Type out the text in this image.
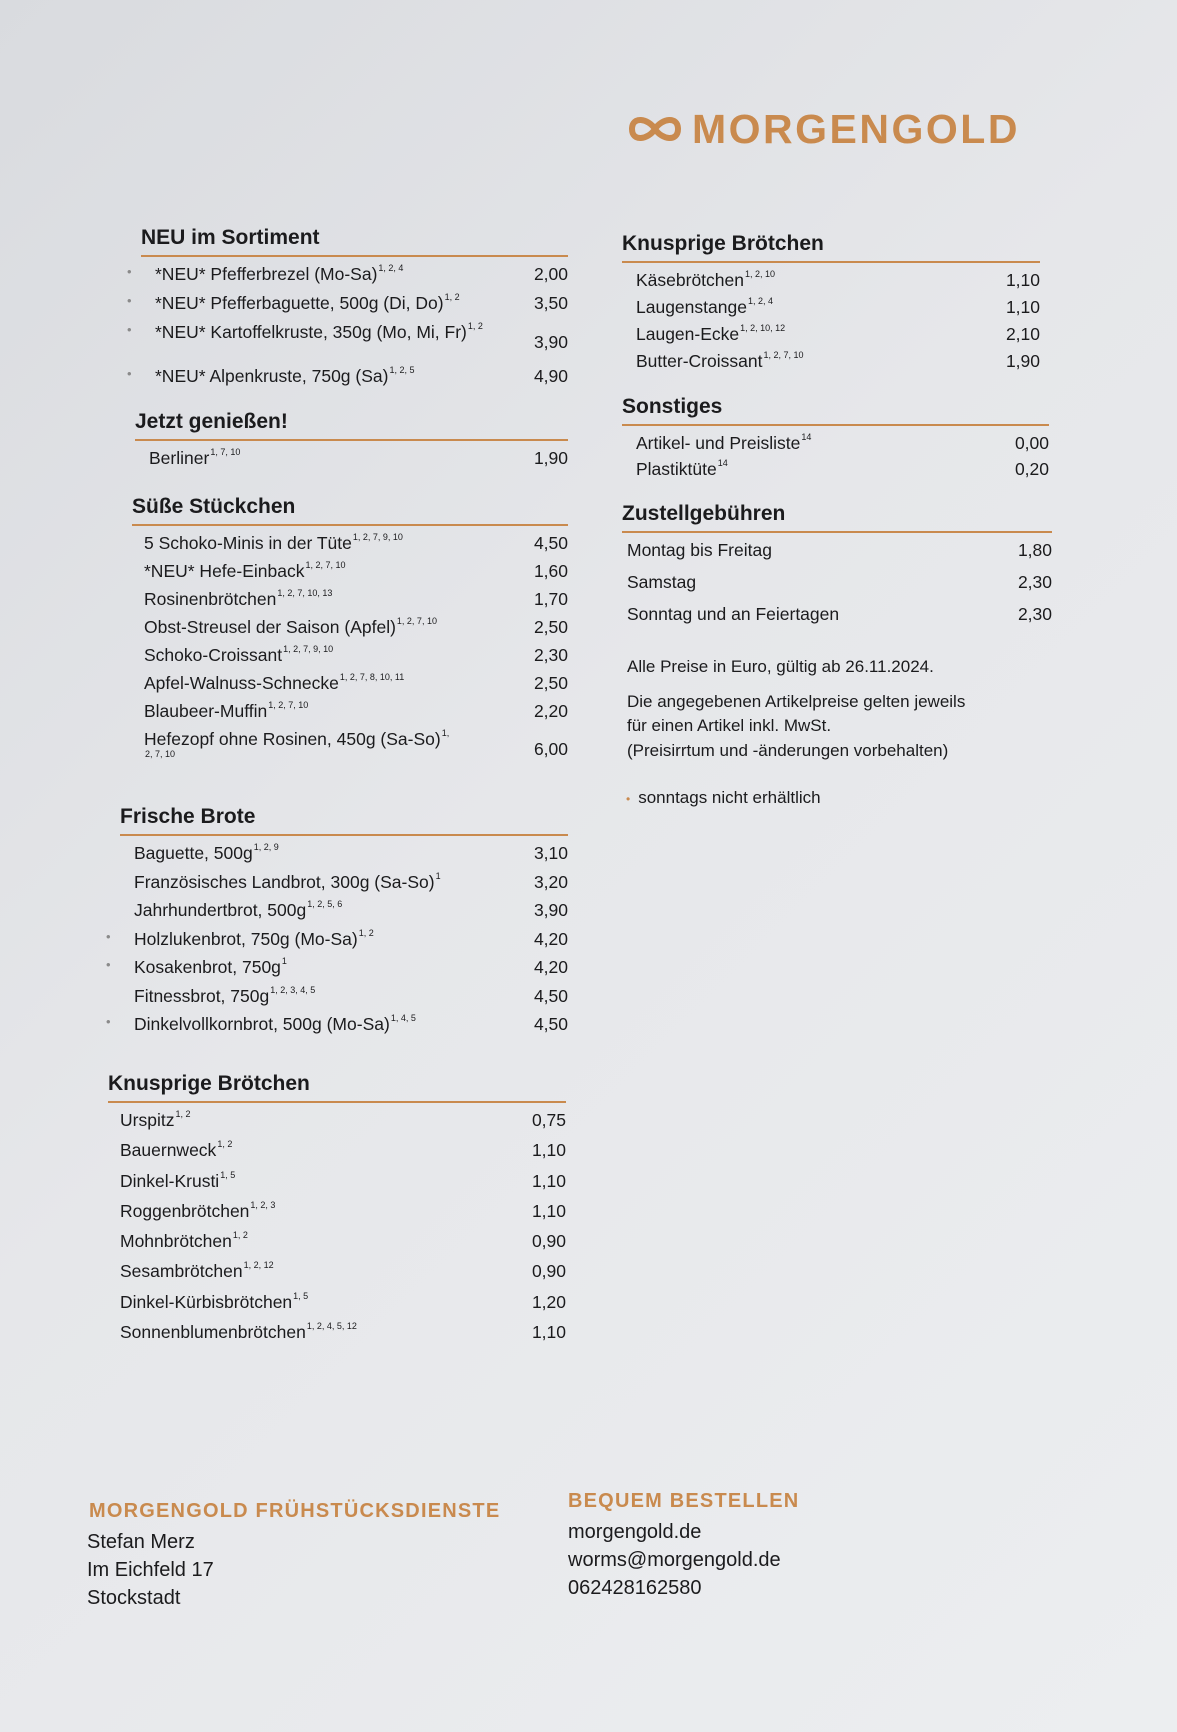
MORGENGOLD
NEU im Sortiment
• *NEU* Pfefferbrezel $(Mo-Sa)^{1, 2, 4}$	2,00
• *NEU* Pfefferbaguette, 500g (Di, Do)$^{1, 2}$	3,50
• *NEU* Kartoffelkruste, 350g (Mo, Mi, Fr)$^{1, 2}$
3,90
• *NEU* Alpenkruste, 750g $(Sa)^{1, 2, 5}$	4,90
Jetzt genießen!
Berliner$^{1, 7, 10}$	1,90
Süße Stückchen
5 Schoko-Minis in der Tüte$^{1, 2, 7, 9, 10}$	4,50
*NEU* Hefe-Einback$^{1, 2, 7, 10}$	1,60
Rosinenbrötchen$^{1, 2, 7, 10, 13}$	1,70
Obst-Streusel der Saison (Apfel)$^{1, 2, 7, 10}$	2,50
Schoko-Croissant$^{1, 2, 7, 9, 10}$	2,30
Apfel-Walnuss-Schnecke$^{1, 2, 7, 8, 10, 11}$	2,50
Blaubeer-Muffin$^{1, 2, 7, 10}$	2,20
Hefezopf ohne Rosinen, 450g $(Sa-So)^{1,}$
$^{2, 7, 10}$	6,00
Frische Brote
Baguette, $500g^{1, 2, 9}$	3,10
Französisches Landbrot, 300g $(Sa-So)^1$	3,20
Jahrhundertbrot, $500g^{1, 2, 5, 6}$	3,90
• Holzlukenbrot, 750g $(Mo-Sa)^{1, 2}$	4,20
• Kosakenbrot, $750g^1$	4,20
Fitnessbrot, $750g^{1, 2, 3, 4, 5}$	4,50
• Dinkelvollkornbrot, 500g $(Mo-Sa)^{1, 4, 5}$	4,50
Knusprige Brötchen
Urspitz$^{1, 2}$	0,75
Bauernweck$^{1, 2}$	1,10
Dinkel-Krusti$^{1, 5}$	1,10
Roggenbrötchen$^{1, 2, 3}$	1,10
Mohnbrötchen$^{1, 2}$	0,90
Sesambrötchen$^{1, 2, 12}$	0,90
Dinkel-Kürbisbrötchen$^{1, 5}$	1,20
Sonnenblumenbrötchen$^{1, 2, 4, 5, 12}$	1,10
Knusprige Brötchen
Käsebrötchen$^{1, 2, 10}$	1,10
Laugenstange$^{1, 2, 4}$	1,10
Laugen-Ecke$^{1, 2, 10, 12}$	2,10
Butter-Croissant$^{1, 2, 7, 10}$	1,90
Sonstiges
Artikel- und Preisliste$^{14}$	0,00
Plastiktüte$^{14}$	0,20
Zustellgebühren
Montag bis Freitag	1,80
Samstag	2,30
Sonntag und an Feiertagen	2,30

Alle Preise in Euro, gültig ab 26.11.2024.

Die angegebenen Artikelpreise gelten jeweils
für einen Artikel inkl. MwSt.
(Preisirrtum und -änderungen vorbehalten)
• sonntags nicht erhältlich
MORGENGOLD FRÜHSTÜCKSDIENSTE
Stefan Merz
Im Eichfeld 17
Stockstadt
BEQUEM BESTELLEN
morgengold.de
worms@morgengold.de
062428162580
